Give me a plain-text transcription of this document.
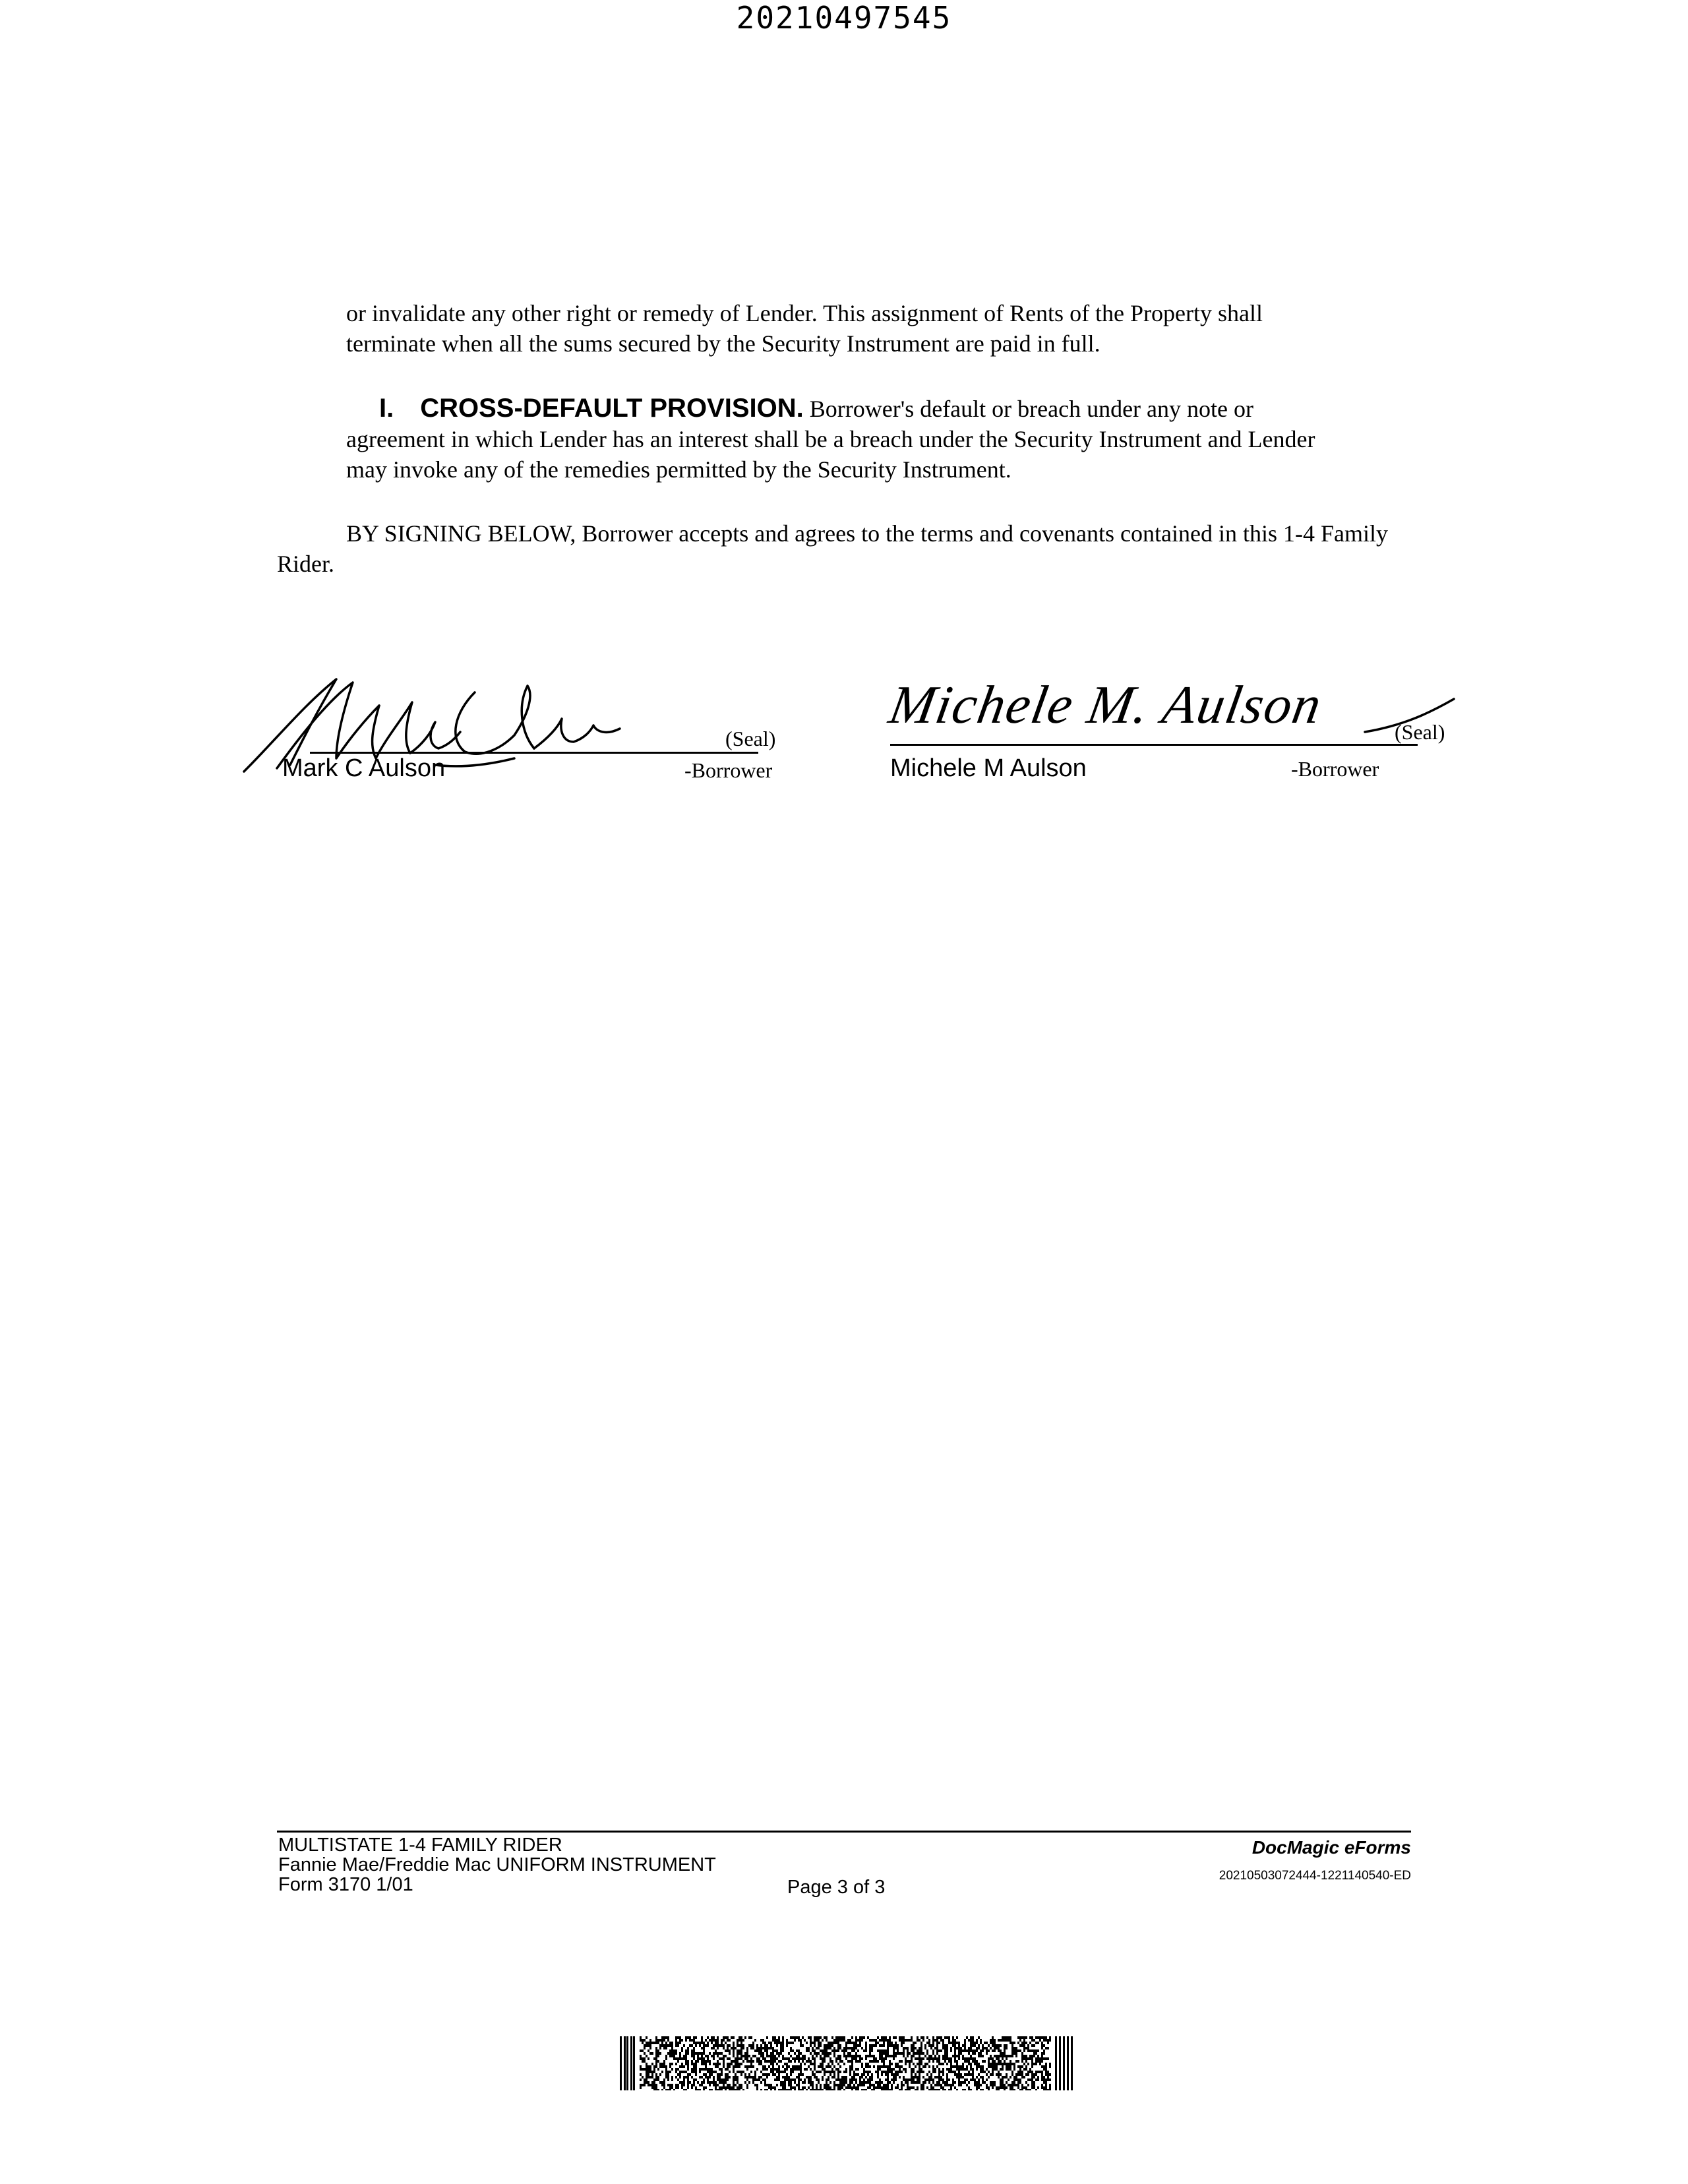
20210497545
or invalidate any other right or remedy of Lender. This assignment of Rents of the Property shall terminate when all the sums secured by the Security Instrument are paid in full.
I. CROSS-DEFAULT PROVISION. Borrower's default or breach under any note or agreement in which Lender has an interest shall be a breach under the Security Instrument and Lender may invoke any of the remedies permitted by the Security Instrument.
BY SIGNING BELOW, Borrower accepts and agrees to the terms and covenants contained in this 1-4 Family Rider.
(Seal)
Mark C Aulson	-Borrower
Michele M. Aulson	(Seal)
Michele M Aulson	-Borrower
MULTISTATE 1-4 FAMILY RIDER
Fannie Mae/Freddie Mac UNIFORM INSTRUMENT
Form 3170 1/01	Page 3 of 3
DocMagic eForms
20210503072444-1221140540-ED
